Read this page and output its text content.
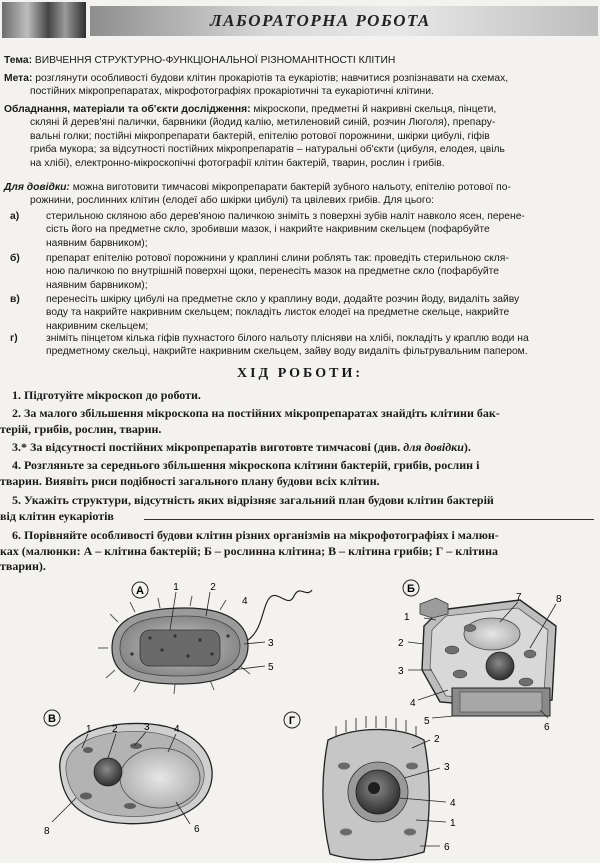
ЛАБОРАТОРНА РОБОТА
Тема: ВИВЧЕННЯ СТРУКТУРНО-ФУНКЦІОНАЛЬНОЇ РІЗНОМАНІТНОСТІ КЛІТИН
Мета: розглянути особливості будови клітин прокаріотів та еукаріотів; навчитися розпізнавати на схемах,
постійних мікропрепаратах, мікрофотографіях прокаріотичні та еукаріотичні клітини.
Обладнання, матеріали та об'єкти дослідження: мікроскопи, предметні й накривні скельця, пінцети,
скляні й дерев'яні палички, барвники (йодид калію, метиленовий синій, розчин Люголя), препару-
вальні голки; постійні мікропрепарати бактерій, епітелію ротової порожнини, шкірки цибулі, гіфів
гриба мукора; за відсутності постійних мікропрепаратів – натуральні об'єкти (цибуля, елодея, цвіль
на хлібі), електронно-мікроскопічні фотографії клітин бактерій, тварин, рослин і грибів.
Для довідки: можна виготовити тимчасові мікропрепарати бактерій зубного нальоту, епітелію ротової по-
рожнини, рослинних клітин (елодеї або шкірки цибулі) та цвілевих грибів. Для цього:
а)	стерильною скляною або дерев'яною паличкою зніміть з поверхні зубів наліт навколо ясен, перене-
сість його на предметне скло, зробивши мазок, і накрийте накривним скельцем (пофарбуйте
наявним барвником);
б)	препарат епітелію ротової порожнини у краплині слини роблять так: проведіть стерильною скля-
ною паличкою по внутрішній поверхні щоки, перенесіть мазок на предметне скло (пофарбуйте
наявним барвником);
в)	перенесіть шкірку цибулі на предметне скло у краплину води, додайте розчин йоду, видаліть зайву
воду та накрийте накривним скельцем; покладіть листок елодеї на предметне скельце, накрийте
накривним скельцем;
г)	зніміть пінцетом кілька гіфів пухнастого білого нальоту плісняви на хлібі, покладіть у краплю води на
предметному скельці, накрийте накривним скельцем, зайву воду видаліть фільтрувальним папером.
ХІД РОБОТИ:
1. Підготуйте мікроскоп до роботи.
2. За малого збільшення мікроскопа на постійних мікропрепаратах знайдіть клітини бак-
терій, грибів, рослин, тварин.
3.* За відсутності постійних мікропрепаратів виготовте тимчасові (див. для довідки).
4. Розгляньте за середнього збільшення мікроскопа клітини бактерій, грибів, рослин і
тварин. Виявіть риси подібності загального плану будови всіх клітин.
5. Укажіть структури, відсутність яких відрізняє загальний план будови клітин бактерій
від клітин еукаріотів
6. Порівняйте особливості будови клітин різних організмів на мікрофотографіях і малюн-
ках (малюнки: А – клітина бактерій; Б – рослинна клітина; В – клітина грибів; Г – клітина
тварин).
А	1	2
3
4
5
Б
1
2
3
4
5
6
7	8
В
1 2	3 4
8	6
Г
2
3
4
1
6
